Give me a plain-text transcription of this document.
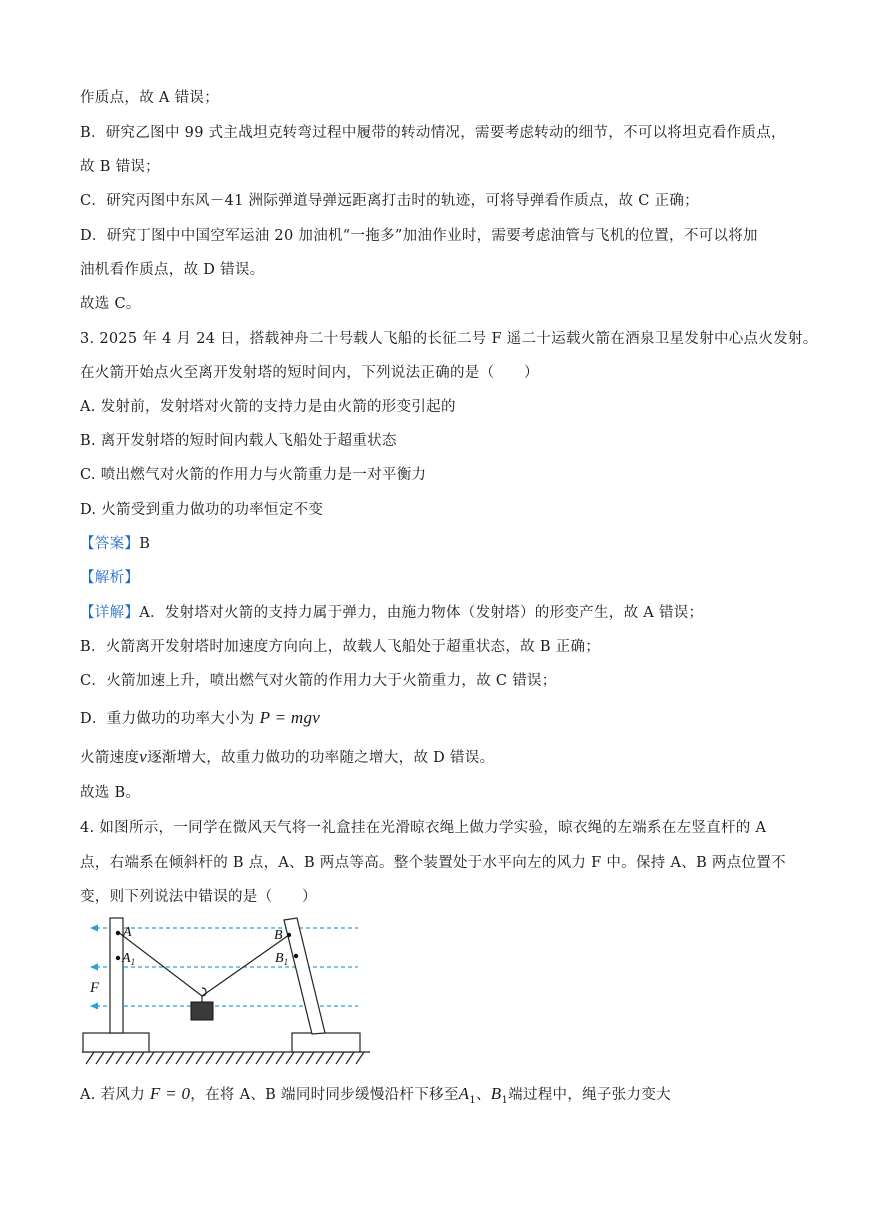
作质点，故 A 错误；
B．研究乙图中 99 式主战坦克转弯过程中履带的转动情况，需要考虑转动的细节，不可以将坦克看作质点，
故 B 错误；
C．研究丙图中东风－41 洲际弹道导弹远距离打击时的轨迹，可将导弹看作质点，故 C 正确；
D．研究丁图中中国空军运油 20 加油机“一拖多”加油作业时，需要考虑油管与飞机的位置，不可以将加
油机看作质点，故 D 错误。
故选 C。
3. 2025 年 4 月 24 日，搭载神舟二十号载人飞船的长征二号 F 遥二十运载火箭在酒泉卫星发射中心点火发射。
在火箭开始点火至离开发射塔的短时间内，下列说法正确的是（　　）
A. 发射前，发射塔对火箭的支持力是由火箭的形变引起的
B. 离开发射塔的短时间内载人飞船处于超重状态
C. 喷出燃气对火箭的作用力与火箭重力是一对平衡力
D. 火箭受到重力做功的功率恒定不变
【答案】B
【解析】
【详解】A．发射塔对火箭的支持力属于弹力，由施力物体（发射塔）的形变产生，故 A 错误；
B．火箭离开发射塔时加速度方向向上，故载人飞船处于超重状态，故 B 正确；
C．火箭加速上升，喷出燃气对火箭的作用力大于火箭重力，故 C 错误；
D．重力做功的功率大小为 P = mgv
火箭速度v逐渐增大，故重力做功的功率随之增大，故 D 错误。
故选 B。
4. 如图所示，一同学在微风天气将一礼盒挂在光滑晾衣绳上做力学实验，晾衣绳的左端系在左竖直杆的 A
点，右端系在倾斜杆的 B 点，A、B 两点等高。整个装置处于水平向左的风力 F 中。保持 A、B 两点位置不
变，则下列说法中错误的是（　　）
A
$A_1$
B
$B_1$
F
A. 若风力 F = 0，在将 A、B 端同时同步缓慢沿杆下移至$A_1$、$B_1$端过程中，绳子张力变大
